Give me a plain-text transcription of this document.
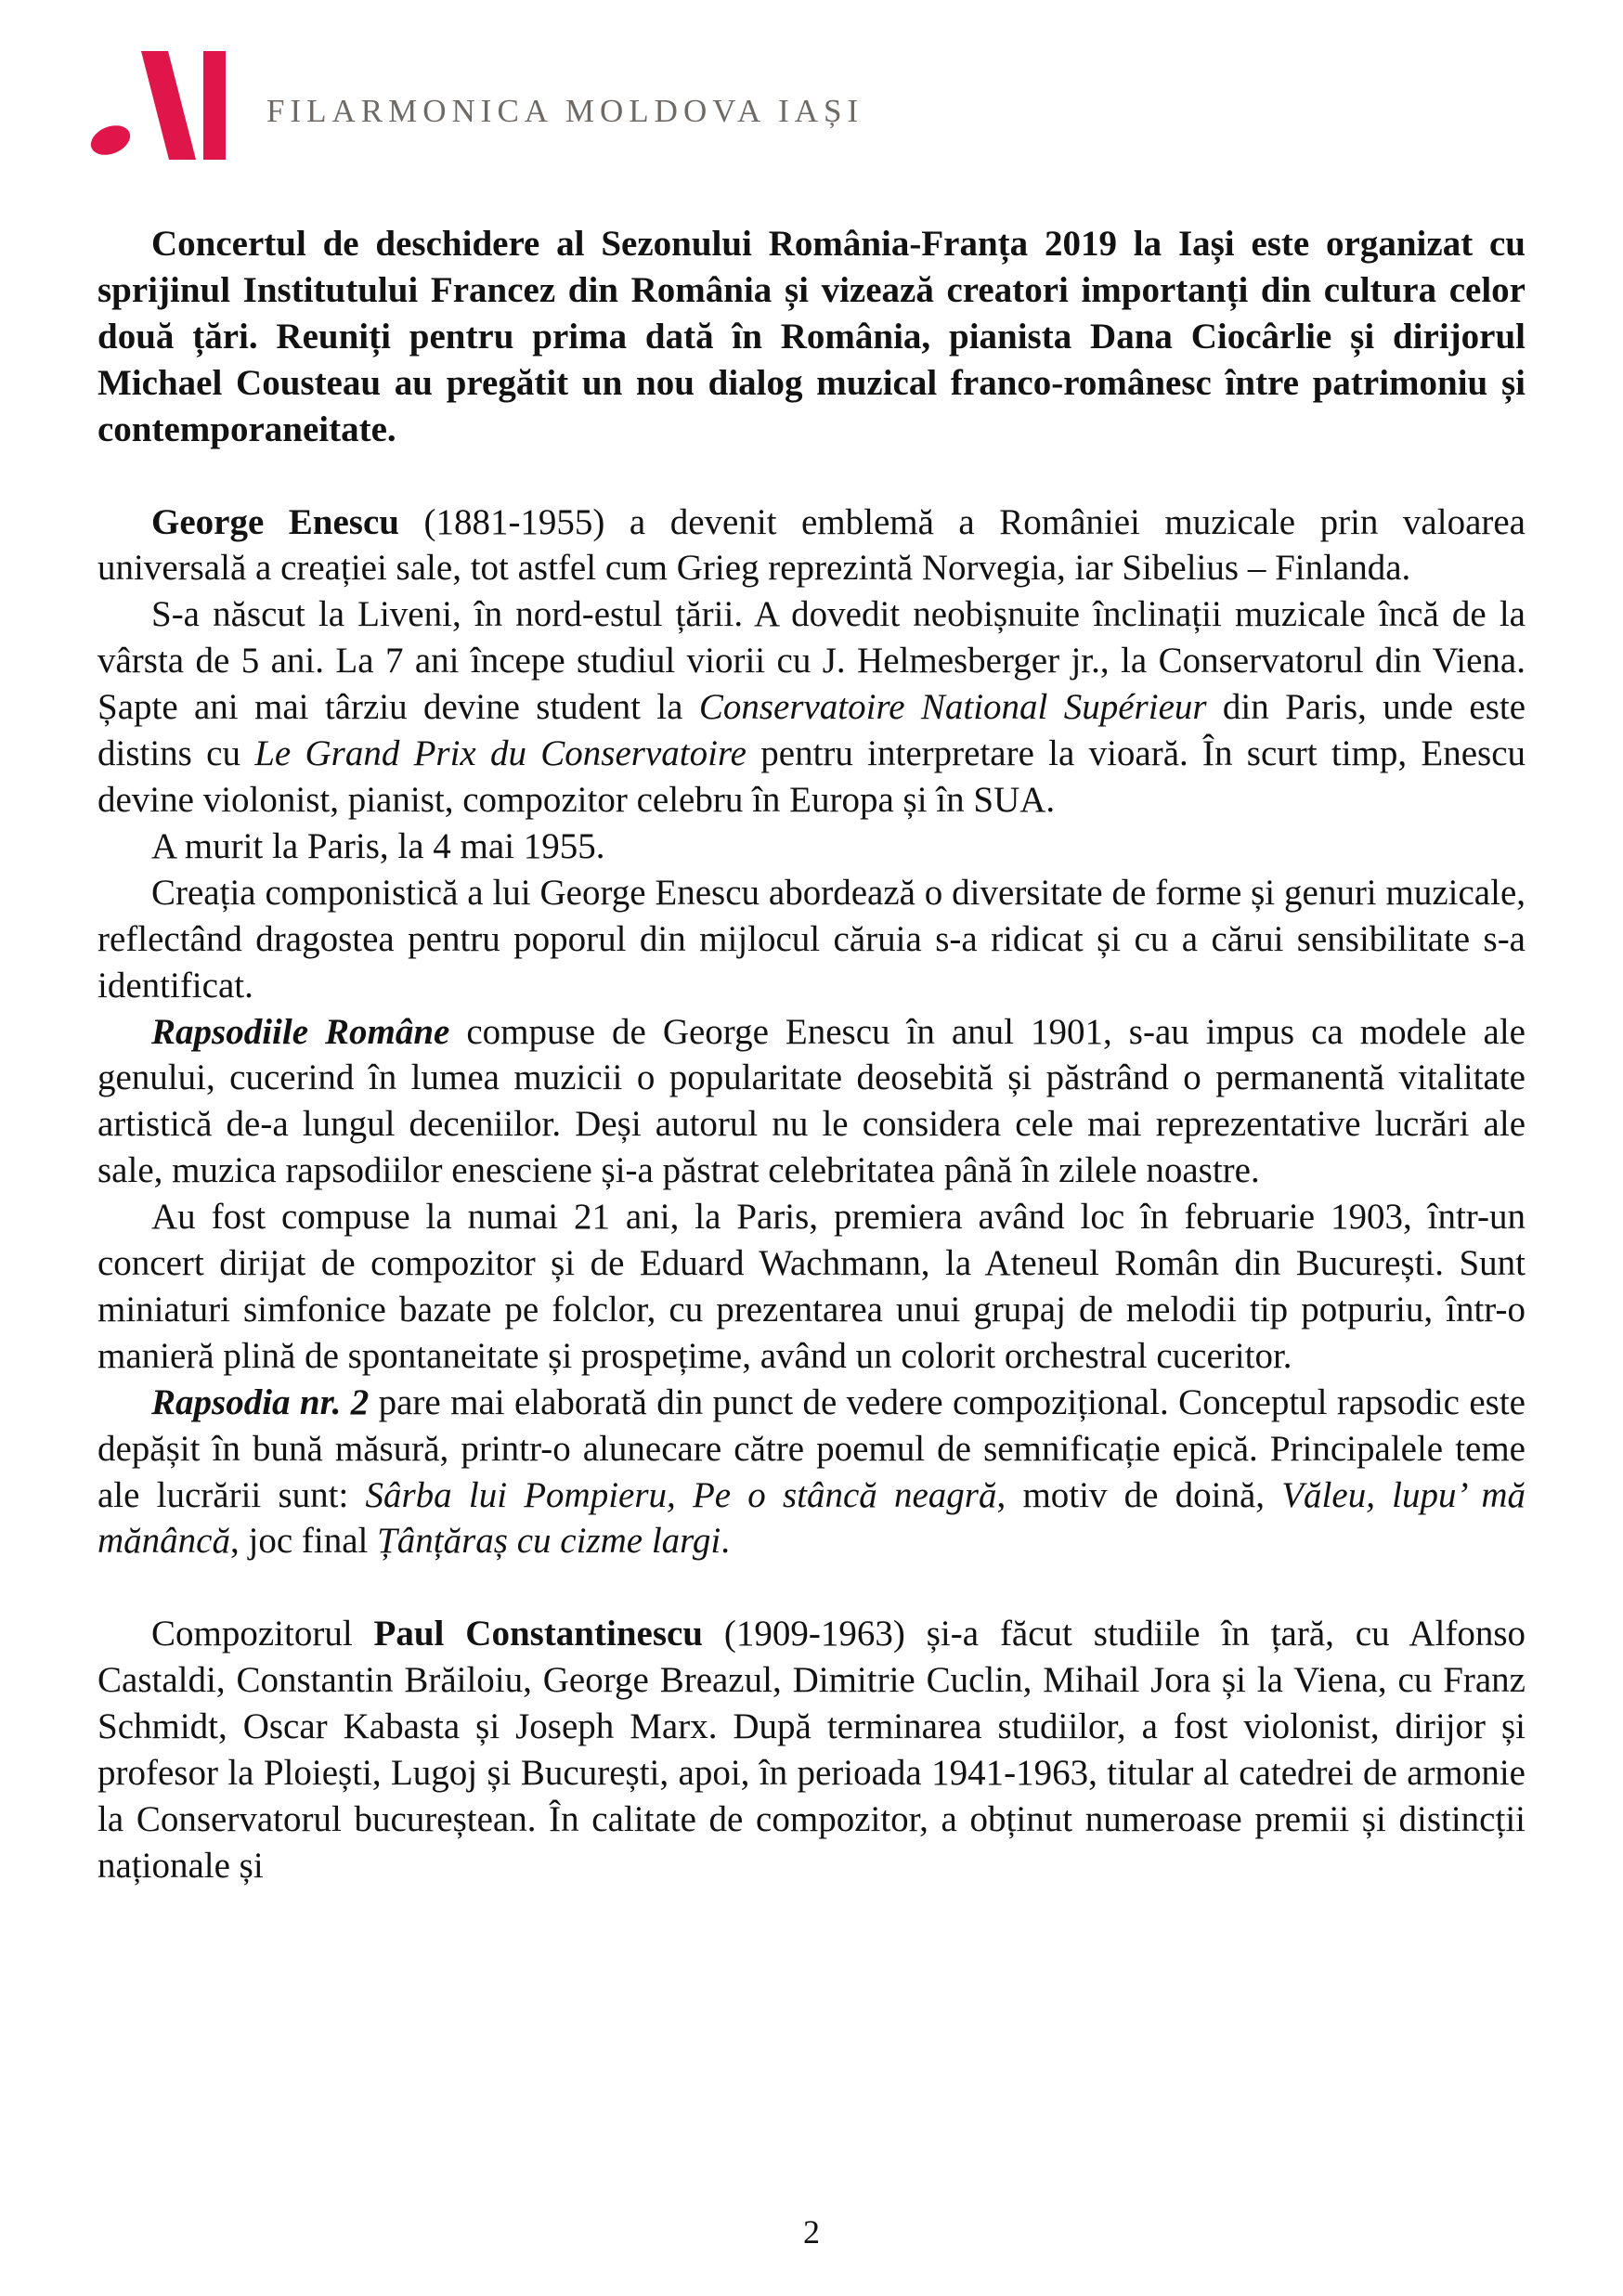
FILARMONICA MOLDOVA IAȘI

Concertul de deschidere al Sezonului România-Franța 2019 la Iași este organizat cu sprijinul Institutului Francez din România și vizează creatori importanți din cultura celor două țări. Reuniți pentru prima dată în România, pianista Dana Ciocârlie și dirijorul Michael Cousteau au pregătit un nou dialog muzical franco-românesc între patrimoniu și contemporaneitate.

George Enescu (1881-1955) a devenit emblemă a României muzicale prin valoarea universală a creației sale, tot astfel cum Grieg reprezintă Norvegia, iar Sibelius – Finlanda.

S-a născut la Liveni, în nord-estul țării. A dovedit neobișnuite înclinații muzicale încă de la vârsta de 5 ani. La 7 ani începe studiul viorii cu J. Helmesberger jr., la Conservatorul din Viena. Șapte ani mai târziu devine student la Conservatoire National Supérieur din Paris, unde este distins cu Le Grand Prix du Conservatoire pentru interpretare la vioară. În scurt timp, Enescu devine violonist, pianist, compozitor celebru în Europa și în SUA.

A murit la Paris, la 4 mai 1955.

Creația componistică a lui George Enescu abordează o diversitate de forme și genuri muzicale, reflectând dragostea pentru poporul din mijlocul căruia s-a ridicat și cu a cărui sensibilitate s-a identificat.

Rapsodiile Române compuse de George Enescu în anul 1901, s-au impus ca modele ale genului, cucerind în lumea muzicii o popularitate deosebită și păstrând o permanentă vitalitate artistică de-a lungul deceniilor. Deși autorul nu le considera cele mai reprezentative lucrări ale sale, muzica rapsodiilor enesciene și-a păstrat celebritatea până în zilele noastre.

Au fost compuse la numai 21 ani, la Paris, premiera având loc în februarie 1903, într-un concert dirijat de compozitor și de Eduard Wachmann, la Ateneul Român din București. Sunt miniaturi simfonice bazate pe folclor, cu prezentarea unui grupaj de melodii tip potpuriu, într-o manieră plină de spontaneitate și prospețime, având un colorit orchestral cuceritor.

Rapsodia nr. 2 pare mai elaborată din punct de vedere compozițional. Conceptul rapsodic este depășit în bună măsură, printr-o alunecare către poemul de semnificație epică. Principalele teme ale lucrării sunt: Sârba lui Pompieru, Pe o stâncă neagră, motiv de doină, Văleu, lupu’ mă mănâncă, joc final Țânțăraș cu cizme largi.

Compozitorul Paul Constantinescu (1909-1963) și-a făcut studiile în țară, cu Alfonso Castaldi, Constantin Brăiloiu, George Breazul, Dimitrie Cuclin, Mihail Jora și la Viena, cu Franz Schmidt, Oscar Kabasta și Joseph Marx. După terminarea studiilor, a fost violonist, dirijor și profesor la Ploiești, Lugoj și București, apoi, în perioada 1941-1963, titular al catedrei de armonie la Conservatorul bucureștean. În calitate de compozitor, a obținut numeroase premii și distincții naționale și

2
